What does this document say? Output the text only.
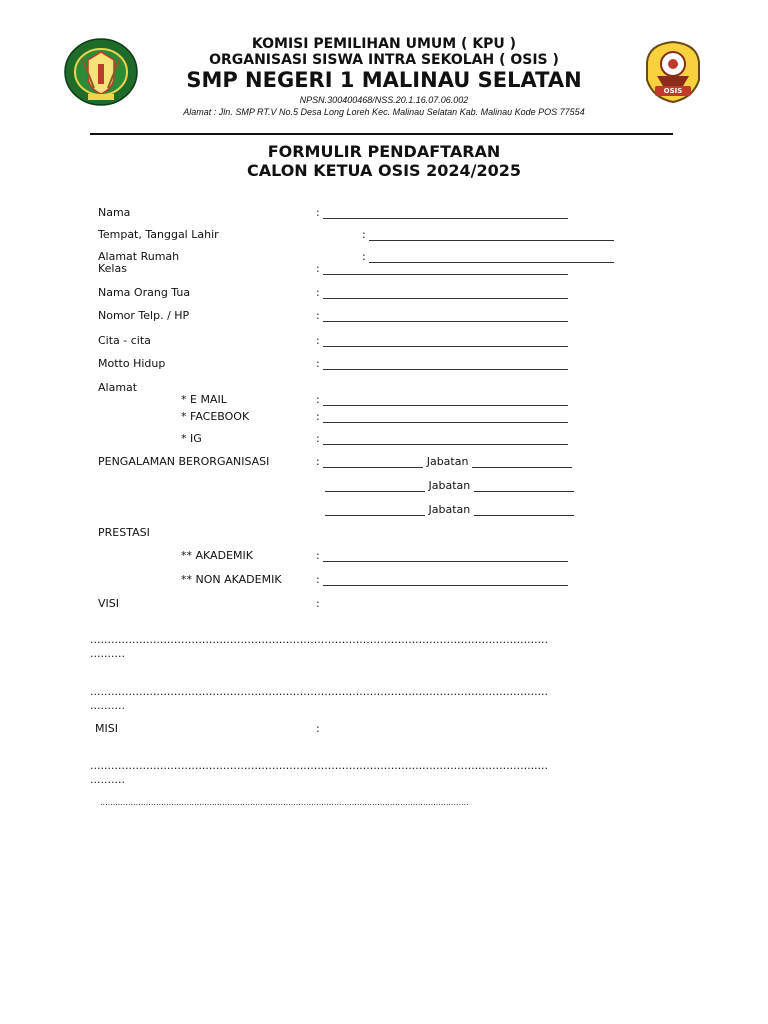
OSIS
KOMISI PEMILIHAN UMUM ( KPU )
ORGANISASI SISWA INTRA SEKOLAH ( OSIS )
SMP NEGERI 1 MALINAU SELATAN
NPSN.300400468/NSS.20.1.16.07.06.002
Alamat : Jln. SMP RT.V No.5 Desa Long Loreh Kec. Malinau Selatan Kab. Malinau Kode POS 77554
FORMULIR PENDAFTARAN
CALON KETUA OSIS 2024/2025
Nama	:

Tempat, Tanggal Lahir	:

Alamat Rumah	:

Kelas	:

Nama Orang Tua	:

Nomor Telp. / HP	:

Cita - cita	:

Motto Hidup	:

Alamat
* E MAIL	:

* FACEBOOK	:

* IG	:

PENGALAMAN BERORGANISASI	:

	Jabatan

Jabatan

Jabatan

PRESTASI
** AKADEMIK	:

** NON AKADEMIK	:

VISI	:
...................................................................................................................................
..........
...................................................................................................................................
..........
MISI	:
...................................................................................................................................
..........
.................................................................................................................................................
